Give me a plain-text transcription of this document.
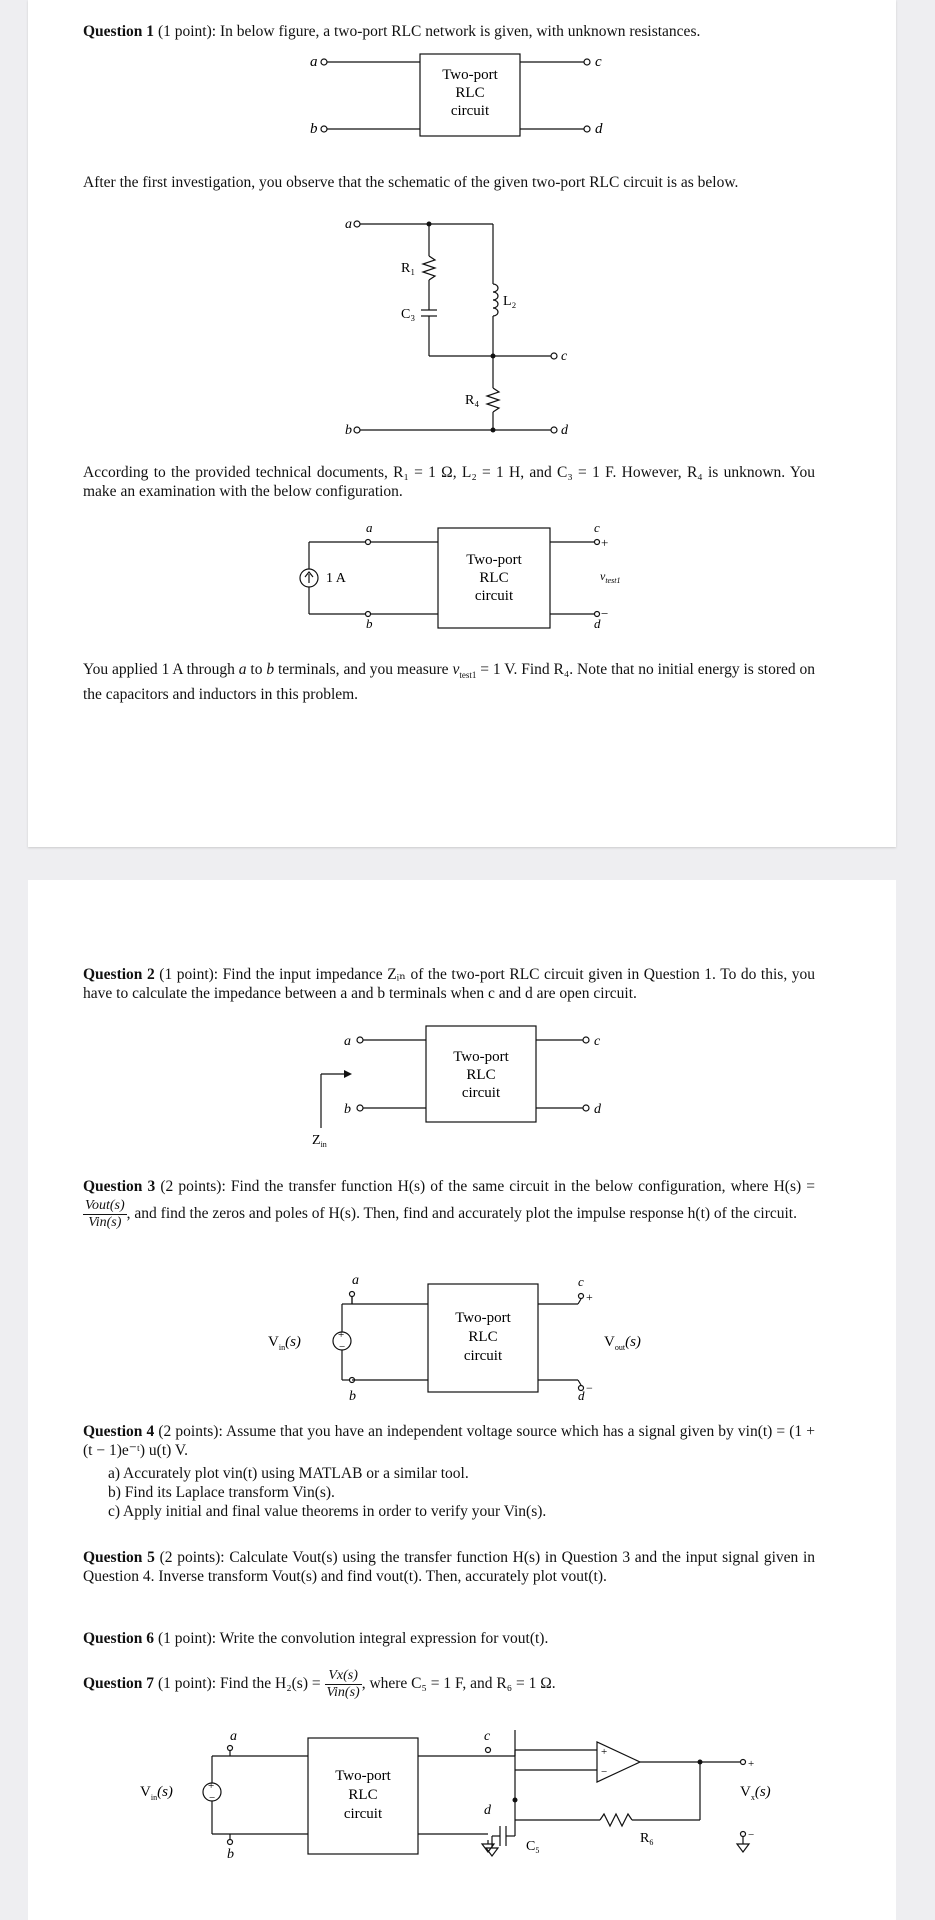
Question 1 (1 point): In below figure, a two-port RLC network is given, with unknown resistances.

Two-port
RLC
circuit
a
b
c
d

After the first investigation, you observe that the schematic of the given two-port RLC circuit is as below.

a
b
c
d
R₁
C₃
L₂
R₄

According to the provided technical documents, R₁ = 1 Ω, L₂ = 1 H, and C₃ = 1 F. However, R₄ is unknown. You make an examination with the below configuration.

1 A
a
b
c
d
+
−
$v_{test1}$
Two-port
RLC
circuit

You applied 1 A through a to b terminals, and you measure $v_{test1} = 1$ V. Find R₄. Note that no initial energy is stored on the capacitors and inductors in this problem.

Question 2 (1 point): Find the input impedance Zᵢₙ of the two-port RLC circuit given in Question 1. To do this, you have to calculate the impedance between a and b terminals when c and d are open circuit.

a
b
c
d
Two-port
RLC
circuit
$Z_{in}$

Question 3 (2 points): Find the transfer function H(s) of the same circuit in the below configuration, where H(s) =
$\frac{\text{Vout(s)}}{\text{Vin(s)}}$ , and find the zeros and poles of H(s). Then, find and accurately plot the impulse response h(t) of the circuit.

+
−
a
b
c
d
+
−
$V_{in}(s)$	$V_{out}(s)$
Two-port
RLC
circuit

Question 4 (2 points): Assume that you have an independent voltage source which has a signal given by vin(t) = (1 + (t − 1)e⁻ᵗ) u(t) V.

a) Accurately plot vin(t) using MATLAB or a similar tool.

b) Find its Laplace transform Vin(s).

c) Apply initial and final value theorems in order to verify your Vin(s).

Question 5 (2 points): Calculate Vout(s) using the transfer function H(s) in Question 3 and the input signal given in Question 4. Inverse transform Vout(s) and find vout(t). Then, accurately plot vout(t).

Question 6 (1 point): Write the convolution integral expression for vout(t).

Question 7 (1 point): Find the $H_2(s) = \frac{Vx(s)}{\text{Vin(s)}}$ , where C₅ = 1 F, and R₆ = 1 Ω.

+
−
a
b
c
d
+
−
+
−
$V_{in}(s)$	$V_x(s)$
$C_5$
$R_6$
Two-port
RLC
circuit
